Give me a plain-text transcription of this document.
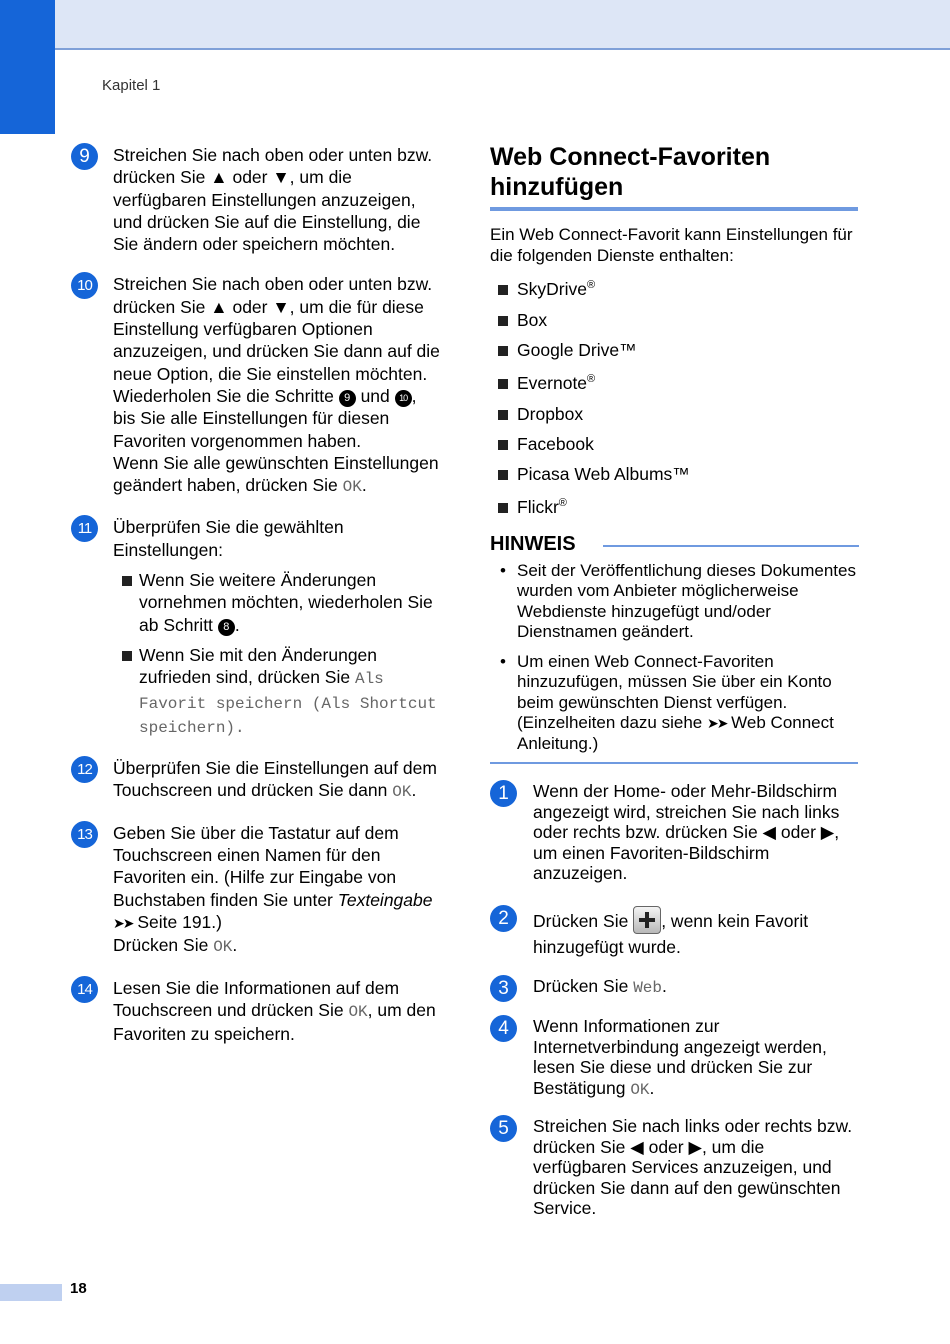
Kapitel 1
9	Streichen Sie nach oben oder unten bzw. drücken Sie ▲ oder ▼, um die verfügbaren Einstellungen anzuzeigen, und drücken Sie auf die Einstellung, die Sie ändern oder speichern möchten.
10	Streichen Sie nach oben oder unten bzw. drücken Sie ▲ oder ▼, um die für diese Einstellung verfügbaren Optionen anzuzeigen, und drücken Sie dann auf die neue Option, die Sie einstellen möchten.
Wiederholen Sie die Schritte 9 und 10 , bis Sie alle Einstellungen für diesen Favoriten vorgenommen haben.
Wenn Sie alle gewünschten Einstellungen geändert haben, drücken Sie OK.
11	Überprüfen Sie die gewählten Einstellungen:
Wenn Sie weitere Änderungen vornehmen möchten, wiederholen Sie ab Schritt 8 .
Wenn Sie mit den Änderungen zufrieden sind, drücken Sie Als Favorit speichern (Als Shortcut speichern).
12	Überprüfen Sie die Einstellungen auf dem Touchscreen und drücken Sie dann OK.
13	Geben Sie über die Tastatur auf dem Touchscreen einen Namen für den Favoriten ein. (Hilfe zur Eingabe von Buchstaben finden Sie unter Texteingabe ➤➤ Seite 191.)
Drücken Sie OK.
14	Lesen Sie die Informationen auf dem Touchscreen und drücken Sie OK, um den Favoriten zu speichern.
Web Connect-Favoriten hinzufügen
Ein Web Connect-Favorit kann Einstellungen für die folgenden Dienste enthalten:
SkyDrive®
Box
Google Drive™
Evernote®
Dropbox
Facebook
Picasa Web Albums™
Flickr®
HINWEIS
• Seit der Veröffentlichung dieses Dokumentes wurden vom Anbieter möglicherweise Webdienste hinzugefügt und/oder Dienstnamen geändert.
• Um einen Web Connect-Favoriten hinzuzufügen, müssen Sie über ein Konto beim gewünschten Dienst verfügen. (Einzelheiten dazu siehe ➤➤ Web Connect Anleitung.)
1	Wenn der Home- oder Mehr-Bildschirm angezeigt wird, streichen Sie nach links oder rechts bzw. drücken Sie ◀ oder ▶, um einen Favoriten-Bildschirm anzuzeigen.
2	Drücken Sie , wenn kein Favorit hinzugefügt wurde.
3	Drücken Sie Web.
4	Wenn Informationen zur Internetverbindung angezeigt werden, lesen Sie diese und drücken Sie zur Bestätigung OK.
5	Streichen Sie nach links oder rechts bzw. drücken Sie ◀ oder ▶, um die verfügbaren Services anzuzeigen, und drücken Sie dann auf den gewünschten Service.
18
